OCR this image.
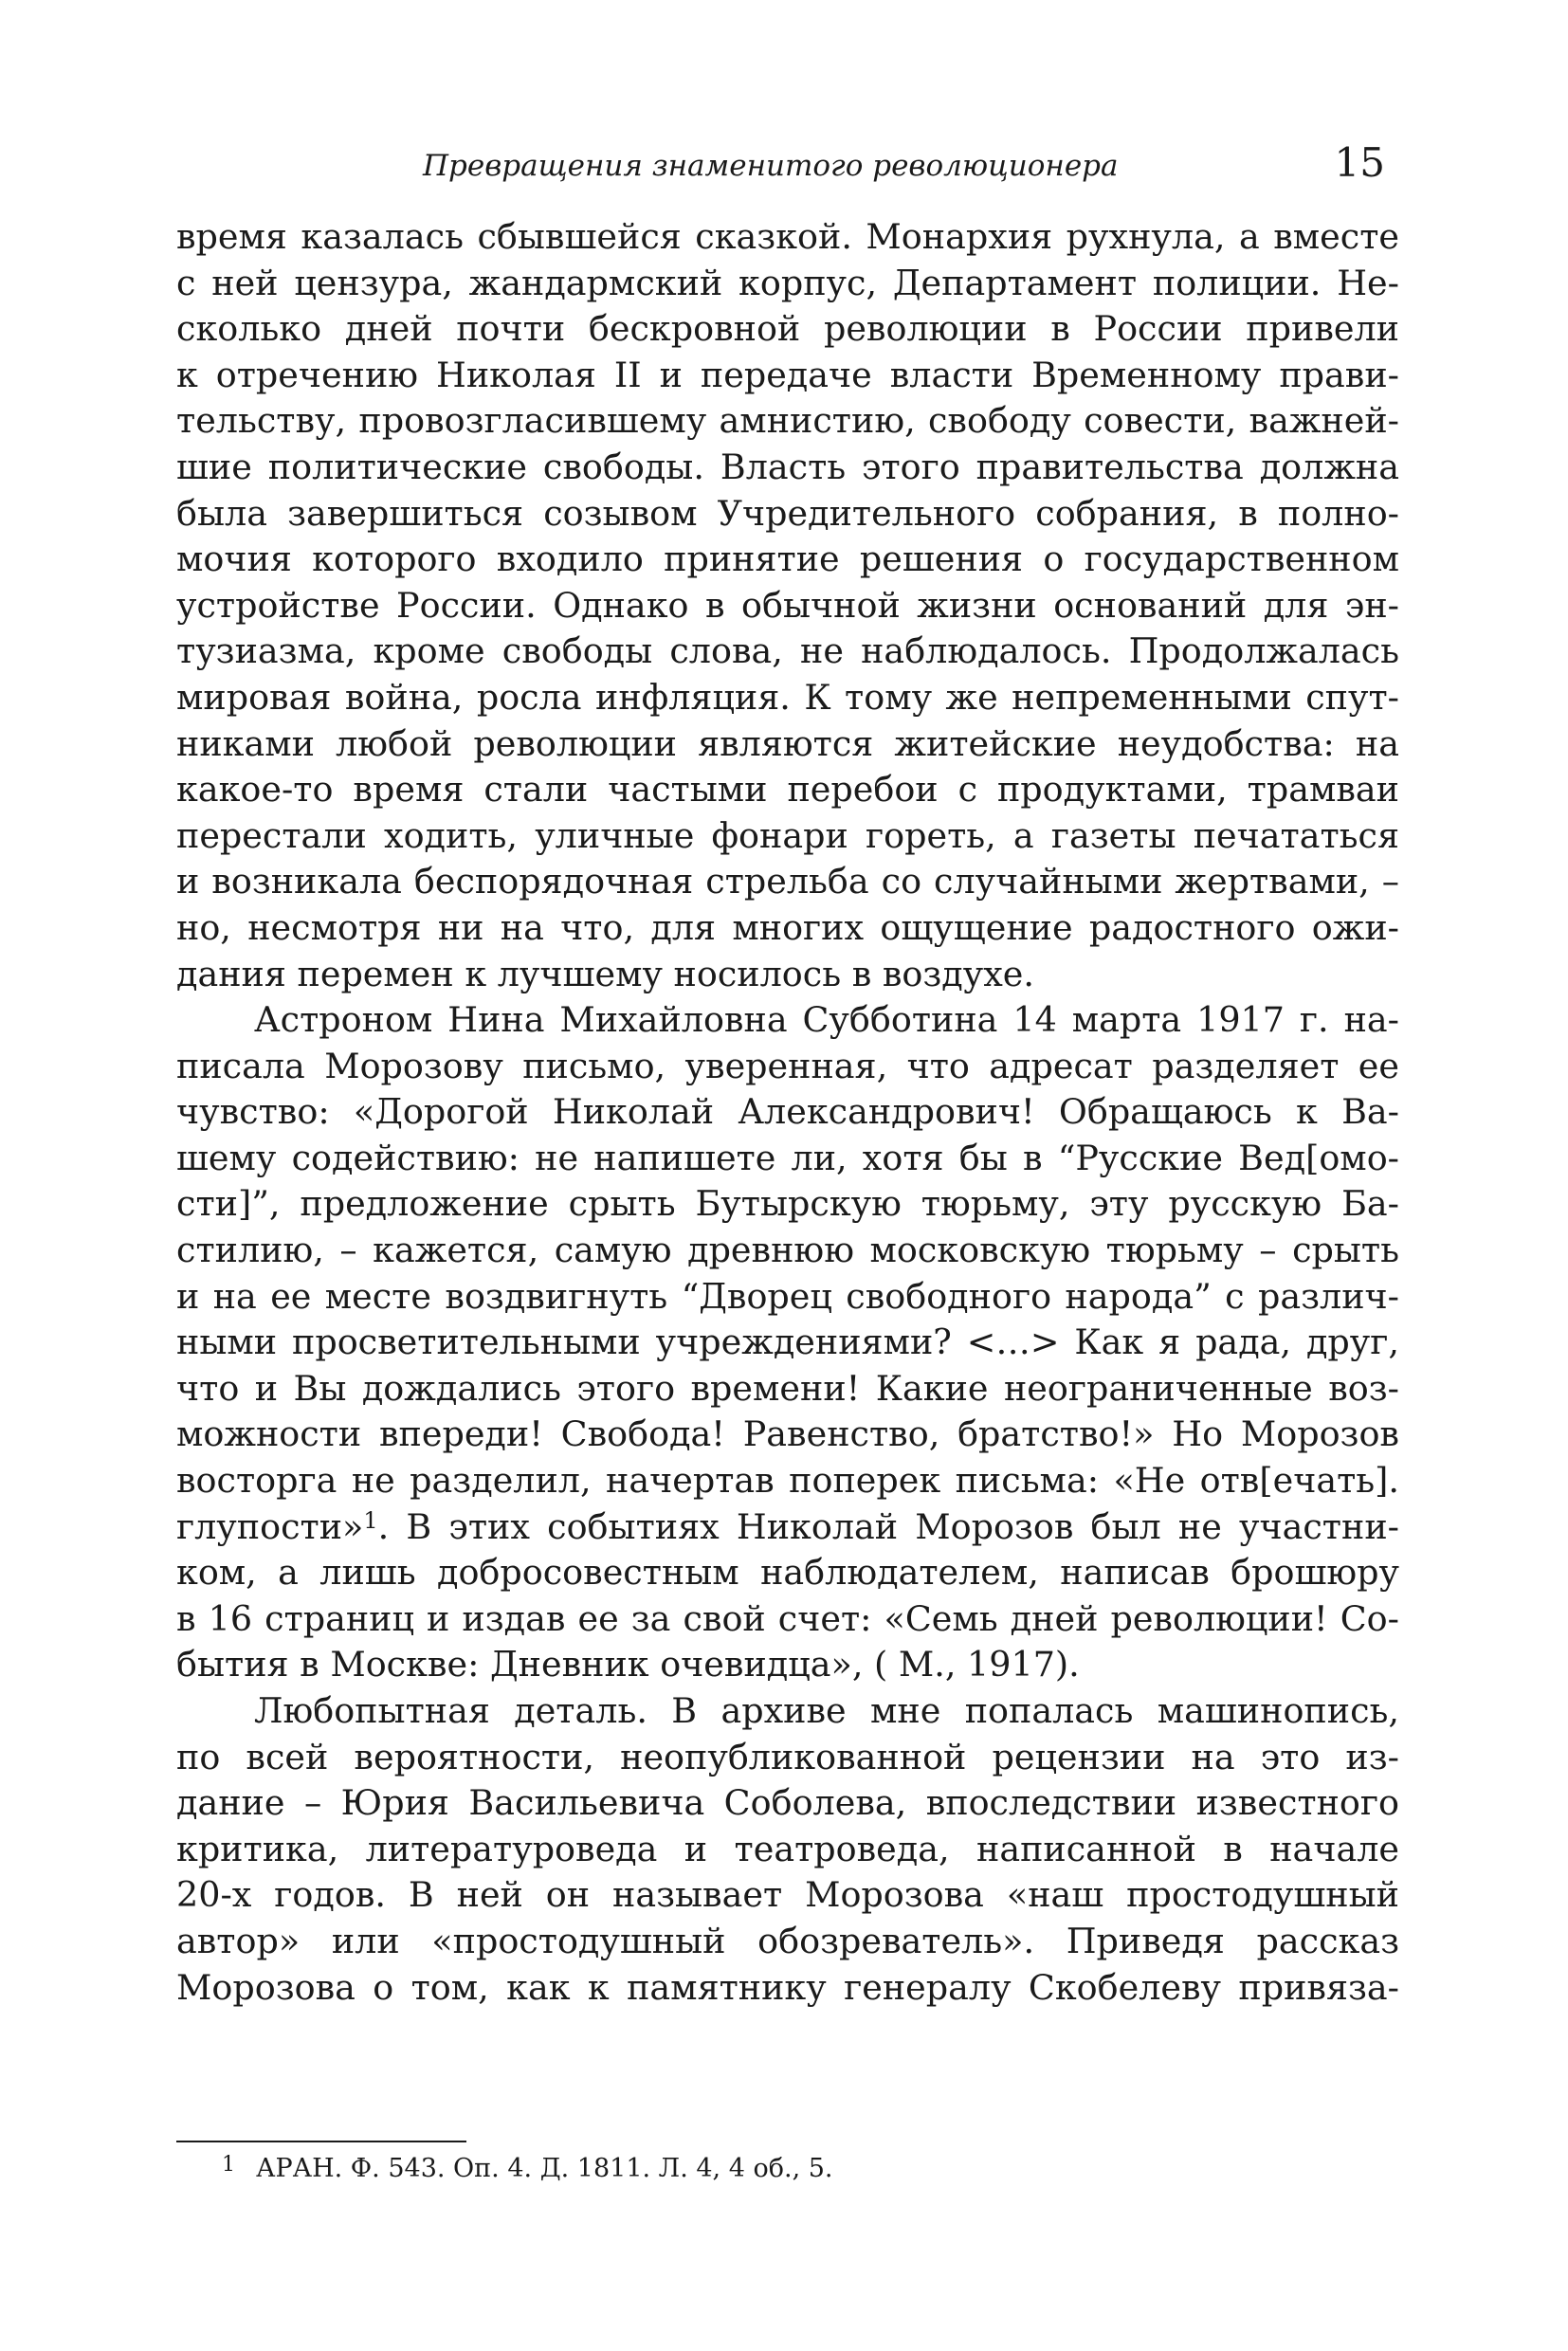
Превращения знаменитого революционера	15
время казалась сбывшейся сказкой. Монархия рухнула, а вместе
с ней цензура, жандармский корпус, Департамент полиции. Не-
сколько дней почти бескровной революции в России привели
к отречению Николая II и передаче власти Временному прави-
тельству, провозгласившему амнистию, свободу совести, важней-
шие политические свободы. Власть этого правительства должна
была завершиться созывом Учредительного собрания, в полно-
мочия которого входило принятие решения о государственном
устройстве России. Однако в обычной жизни оснований для эн-
тузиазма, кроме свободы слова, не наблюдалось. Продолжалась
мировая война, росла инфляция. К тому же непременными спут-
никами любой революции являются житейские неудобства: на
какое-то время стали частыми перебои с продуктами, трамваи
перестали ходить, уличные фонари гореть, а газеты печататься
и возникала беспорядочная стрельба со случайными жертвами, –
но, несмотря ни на что, для многих ощущение радостного ожи-
дания перемен к лучшему носилось в воздухе.
Астроном Нина Михайловна Субботина 14 марта 1917 г. на-
писала Морозову письмо, уверенная, что адресат разделяет ее
чувство: «Дорогой Николай Александрович! Обращаюсь к Ва-
шему содействию: не напишете ли, хотя бы в “Русские Вед[омо-
сти]”, предложение срыть Бутырскую тюрьму, эту русскую Ба-
стилию, – кажется, самую древнюю московскую тюрьму – срыть
и на ее месте воздвигнуть “Дворец свободного народа” с различ-
ными просветительными учреждениями? <…> Как я рада, друг,
что и Вы дождались этого времени! Какие неограниченные воз-
можности впереди! Свобода! Равенство, братство!» Но Морозов
восторга не разделил, начертав поперек письма: «Не отв[ечать].
глупости»$^1$. В этих событиях Николай Морозов был не участни-
ком, а лишь добросовестным наблюдателем, написав брошюру
в 16 страниц и издав ее за свой счет: «Семь дней революции! Со-
бытия в Москве: Дневник очевидца», ( М., 1917).
Любопытная деталь. В архиве мне попалась машинопись,
по всей вероятности, неопубликованной рецензии на это из-
дание – Юрия Васильевича Соболева, впоследствии известного
критика, литературоведа и театроведа, написанной в начале
20-х годов. В ней он называет Морозова «наш простодушный
автор» или «простодушный обозреватель». Приведя рассказ
Морозова о том, как к памятнику генералу Скобелеву привяза-
1 АРАН. Ф. 543. Оп. 4. Д. 1811. Л. 4, 4 об., 5.
